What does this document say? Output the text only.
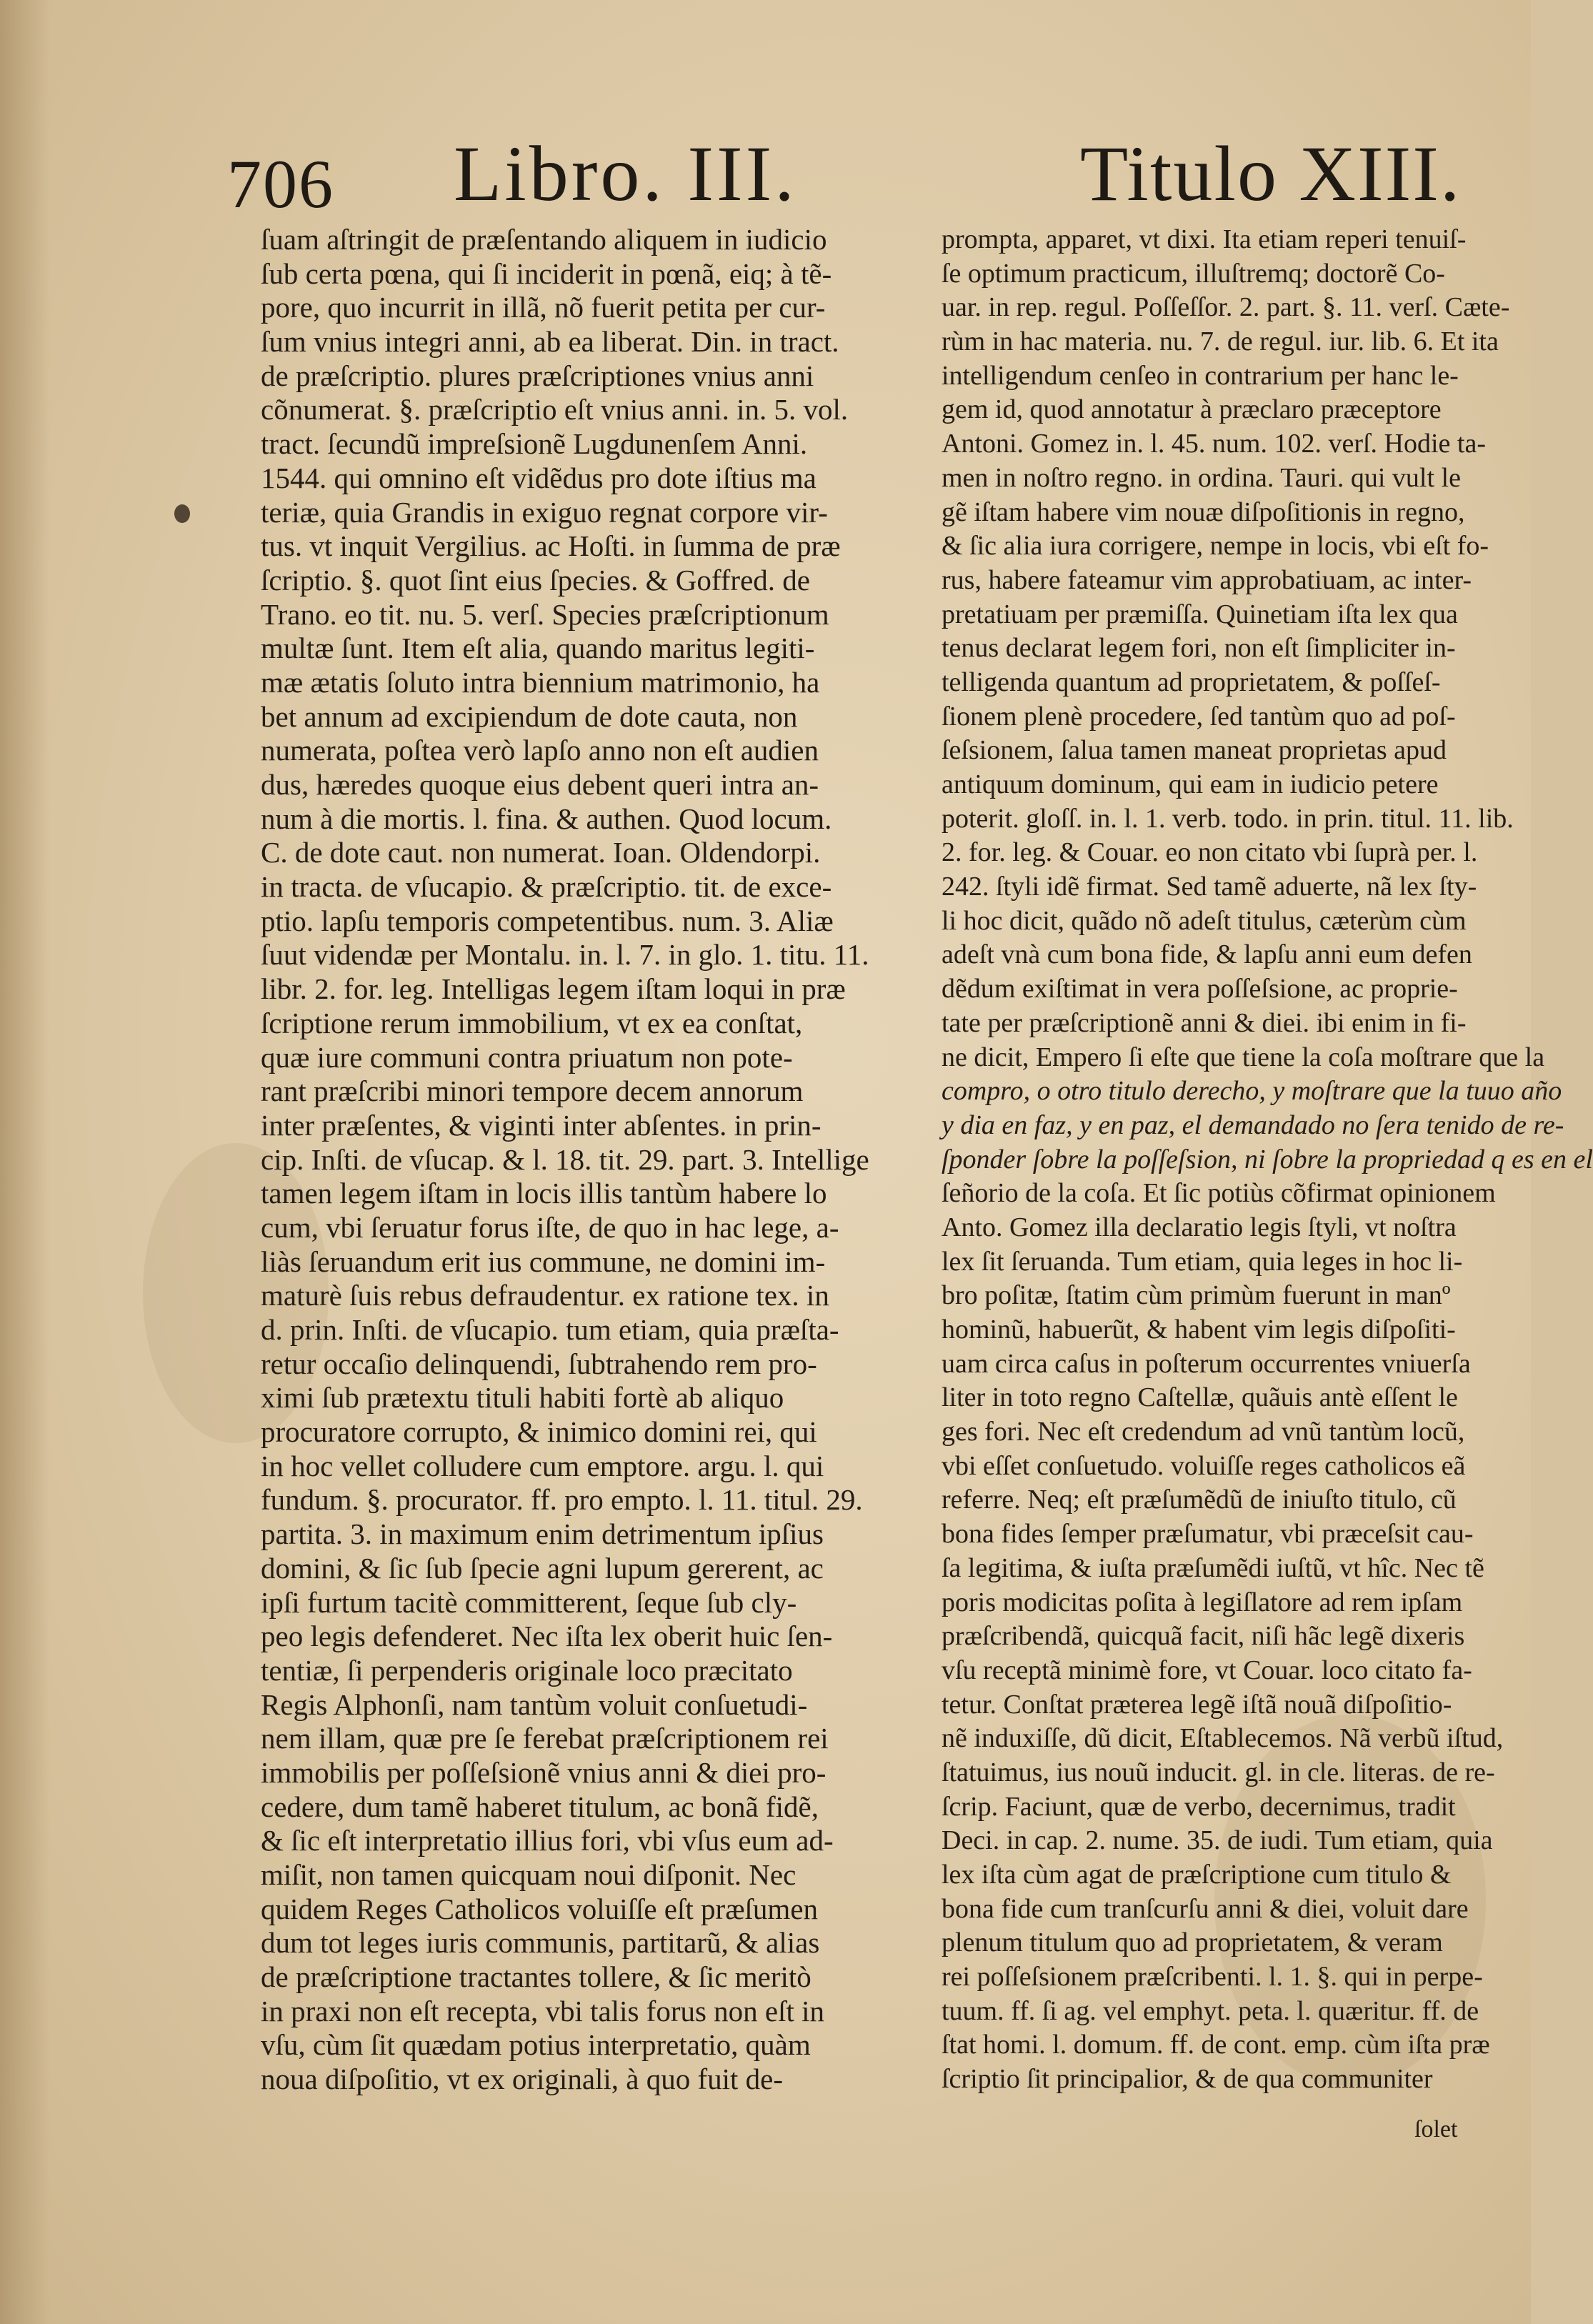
706 Libro. III.	Titulo XIII.
ſuam aſtringit de præſentando aliquem in iudicio
ſub certa pœna, qui ſi inciderit in pœnã, eiq; à tẽ-
pore, quo incurrit in illã, nõ fuerit petita per cur-
ſum vnius integri anni, ab ea liberat. Din. in tract.
de præſcriptio. plures præſcriptiones vnius anni
cõnumerat. §. præſcriptio eſt vnius anni. in. 5. vol.
tract. ſecundũ impreſsionẽ Lugdunenſem Anni.
1544. qui omnino eſt vidẽdus pro dote iſtius ma
teriæ, quia Grandis in exiguo regnat corpore vir-
tus. vt inquit Vergilius. ac Hoſti. in ſumma de præ
ſcriptio. §. quot ſint eius ſpecies. & Goffred. de
Trano. eo tit. nu. 5. verſ. Species præſcriptionum
multæ ſunt. Item eſt alia, quando maritus legiti-
mæ ætatis ſoluto intra biennium matrimonio, ha
bet annum ad excipiendum de dote cauta, non
numerata, poſtea verò lapſo anno non eſt audien
dus, hæredes quoque eius debent queri intra an-
num à die mortis. l. fina. & authen. Quod locum.
C. de dote caut. non numerat. Ioan. Oldendorpi.
in tracta. de vſucapio. & præſcriptio. tit. de exce-
ptio. lapſu temporis competentibus. num. 3. Aliæ
ſuut videndæ per Montalu. in. l. 7. in glo. 1. titu. 11.
libr. 2. for. leg. Intelligas legem iſtam loqui in præ
ſcriptione rerum immobilium, vt ex ea conſtat,
quæ iure communi contra priuatum non pote-
rant præſcribi minori tempore decem annorum
inter præſentes, & viginti inter abſentes. in prin-
cip. Inſti. de vſucap. & l. 18. tit. 29. part. 3. Intellige
tamen legem iſtam in locis illis tantùm habere lo
cum, vbi ſeruatur forus iſte, de quo in hac lege, a-
liàs ſeruandum erit ius commune, ne domini im-
maturè ſuis rebus defraudentur. ex ratione tex. in
d. prin. Inſti. de vſucapio. tum etiam, quia præſta-
retur occaſio delinquendi, ſubtrahendo rem pro-
ximi ſub prætextu tituli habiti fortè ab aliquo
procuratore corrupto, & inimico domini rei, qui
in hoc vellet colludere cum emptore. argu. l. qui
fundum. §. procurator. ff. pro empto. l. 11. titul. 29.
partita. 3. in maximum enim detrimentum ipſius
domini, & ſic ſub ſpecie agni lupum gererent, ac
ipſi furtum tacitè committerent, ſeque ſub cly-
peo legis defenderet. Nec iſta lex oberit huic ſen-
tentiæ, ſi perpenderis originale loco præcitato
Regis Alphonſi, nam tantùm voluit conſuetudi-
nem illam, quæ pre ſe ferebat præſcriptionem rei
immobilis per poſſeſsionẽ vnius anni & diei pro-
cedere, dum tamẽ haberet titulum, ac bonã fidẽ,
& ſic eſt interpretatio illius fori, vbi vſus eum ad-
miſit, non tamen quicquam noui diſponit. Nec
quidem Reges Catholicos voluiſſe eſt præſumen
dum tot leges iuris communis, partitarũ, & alias
de præſcriptione tractantes tollere, & ſic meritò
in praxi non eſt recepta, vbi talis forus non eſt in
vſu, cùm ſit quædam potius interpretatio, quàm
noua diſpoſitio, vt ex originali, à quo fuit de-
prompta, apparet, vt dixi. Ita etiam reperi tenuiſ-
ſe optimum practicum, illuſtremq; doctorẽ Co-
uar. in rep. regul. Poſſeſſor. 2. part. §. 11. verſ. Cæte-
rùm in hac materia. nu. 7. de regul. iur. lib. 6. Et ita
intelligendum cenſeo in contrarium per hanc le-
gem id, quod annotatur à præclaro præceptore
Antoni. Gomez in. l. 45. num. 102. verſ. Hodie ta-
men in noſtro regno. in ordina. Tauri. qui vult le
gẽ iſtam habere vim nouæ diſpoſitionis in regno,
& ſic alia iura corrigere, nempe in locis, vbi eſt fo-
rus, habere fateamur vim approbatiuam, ac inter-
pretatiuam per præmiſſa. Quinetiam iſta lex qua
tenus declarat legem fori, non eſt ſimpliciter in-
telligenda quantum ad proprietatem, & poſſeſ-
ſionem plenè procedere, ſed tantùm quo ad poſ-
ſeſsionem, ſalua tamen maneat proprietas apud
antiquum dominum, qui eam in iudicio petere
poterit. gloſſ. in. l. 1. verb. todo. in prin. titul. 11. lib.
2. for. leg. & Couar. eo non citato vbi ſuprà per. l.
242. ſtyli idẽ firmat. Sed tamẽ aduerte, nã lex ſty-
li hoc dicit, quãdo nõ adeſt titulus, cæterùm cùm
adeſt vnà cum bona fide, & lapſu anni eum defen
dẽdum exiſtimat in vera poſſeſsione, ac proprie-
tate per præſcriptionẽ anni & diei. ibi enim in fi-
ne dicit, Empero ſi eſte que tiene la coſa moſtrare que la
compro, o otro titulo derecho, y moſtrare que la tuuo año
y dia en faz, y en paz, el demandado no ſera tenido de re-
ſponder ſobre la poſſeſsion, ni ſobre la propriedad q es en el
ſeñorio de la coſa. Et ſic potiùs cõfirmat opinionem
Anto. Gomez illa declaratio legis ſtyli, vt noſtra
lex ſit ſeruanda. Tum etiam, quia leges in hoc li-
bro poſitæ, ſtatim cùm primùm fuerunt in manº
hominũ, habuerũt, & habent vim legis diſpoſiti-
uam circa caſus in poſterum occurrentes vniuerſa
liter in toto regno Caſtellæ, quãuis antè eſſent le
ges fori. Nec eſt credendum ad vnũ tantùm locũ,
vbi eſſet conſuetudo. voluiſſe reges catholicos eã
referre. Neq; eſt præſumẽdũ de iniuſto titulo, cũ
bona fides ſemper præſumatur, vbi præceſsit cau-
ſa legitima, & iuſta præſumẽdi iuſtũ, vt hîc. Nec tẽ
poris modicitas poſita à legiſlatore ad rem ipſam
præſcribendã, quicquã facit, niſi hãc legẽ dixeris
vſu receptã minimè fore, vt Couar. loco citato fa-
tetur. Conſtat præterea legẽ iſtã nouã diſpoſitio-
nẽ induxiſſe, dũ dicit, Eſtablecemos. Nã verbũ iſtud,
ſtatuimus, ius nouũ inducit. gl. in cle. literas. de re-
ſcrip. Faciunt, quæ de verbo, decernimus, tradit
Deci. in cap. 2. nume. 35. de iudi. Tum etiam, quia
lex iſta cùm agat de præſcriptione cum titulo &
bona fide cum tranſcurſu anni & diei, voluit dare
plenum titulum quo ad proprietatem, & veram
rei poſſeſsionem præſcribenti. l. 1. §. qui in perpe-
tuum. ff. ſi ag. vel emphyt. peta. l. quæritur. ff. de
ſtat homi. l. domum. ff. de cont. emp. cùm iſta præ
ſcriptio ſit principalior, & de qua communiter
ſolet
